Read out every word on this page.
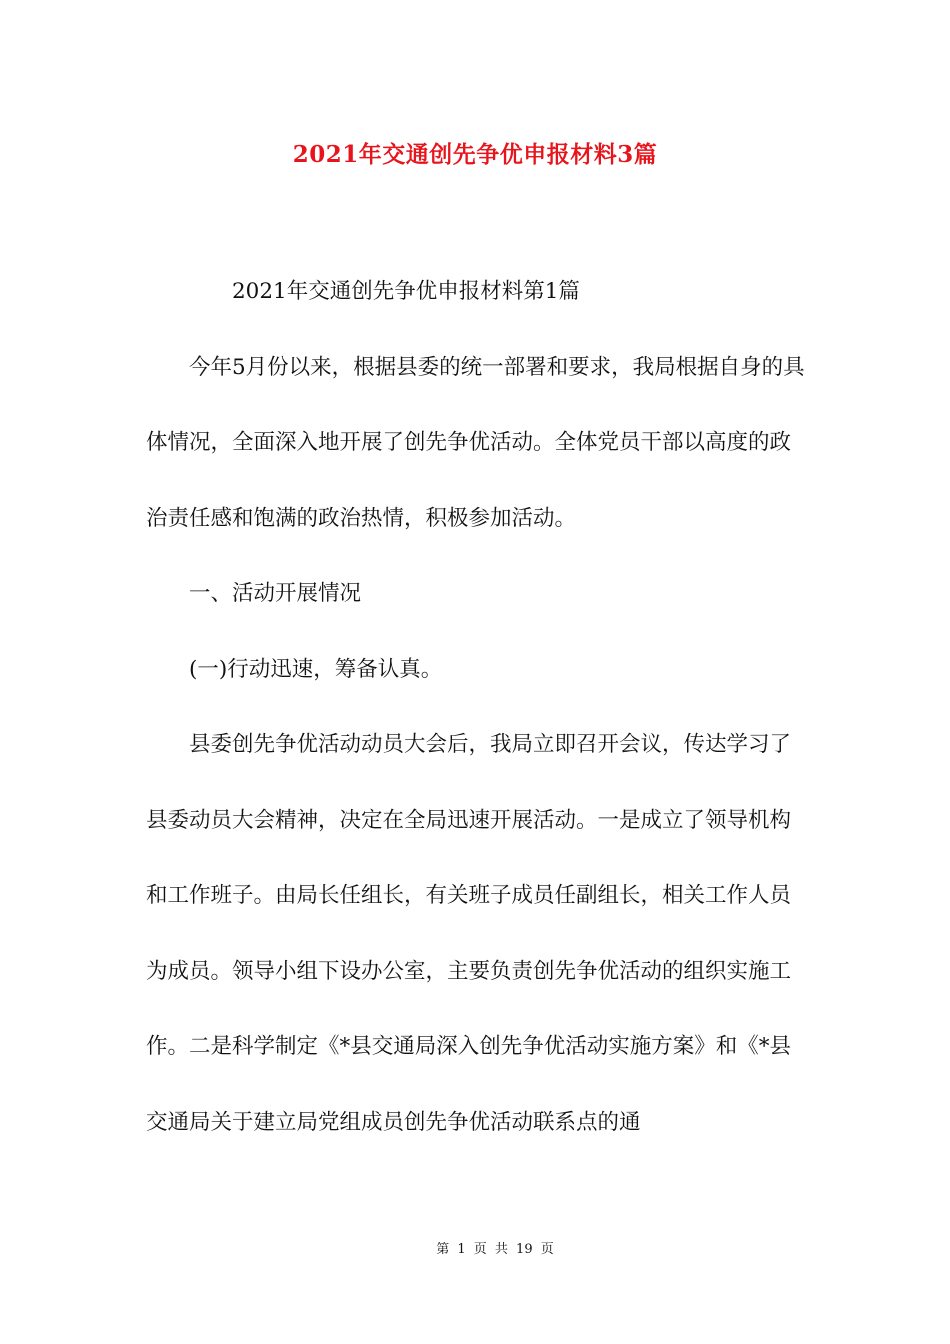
2021年交通创先争优申报材料3篇

2021年交通创先争优申报材料第1篇

今年5月份以来，根据县委的统一部署和要求，我局根据自身的具体情况，全面深入地开展了创先争优活动。全体党员干部以高度的政治责任感和饱满的政治热情，积极参加活动。

一、活动开展情况

(一)行动迅速，筹备认真。

县委创先争优活动动员大会后，我局立即召开会议，传达学习了县委动员大会精神，决定在全局迅速开展活动。一是成立了领导机构和工作班子。由局长任组长，有关班子成员任副组长，相关工作人员为成员。领导小组下设办公室，主要负责创先争优活动的组织实施工作。二是科学制定《*县交通局深入创先争优活动实施方案》和《*县交通局关于建立局党组成员创先争优活动联系点的通

第 1 页 共 19 页
